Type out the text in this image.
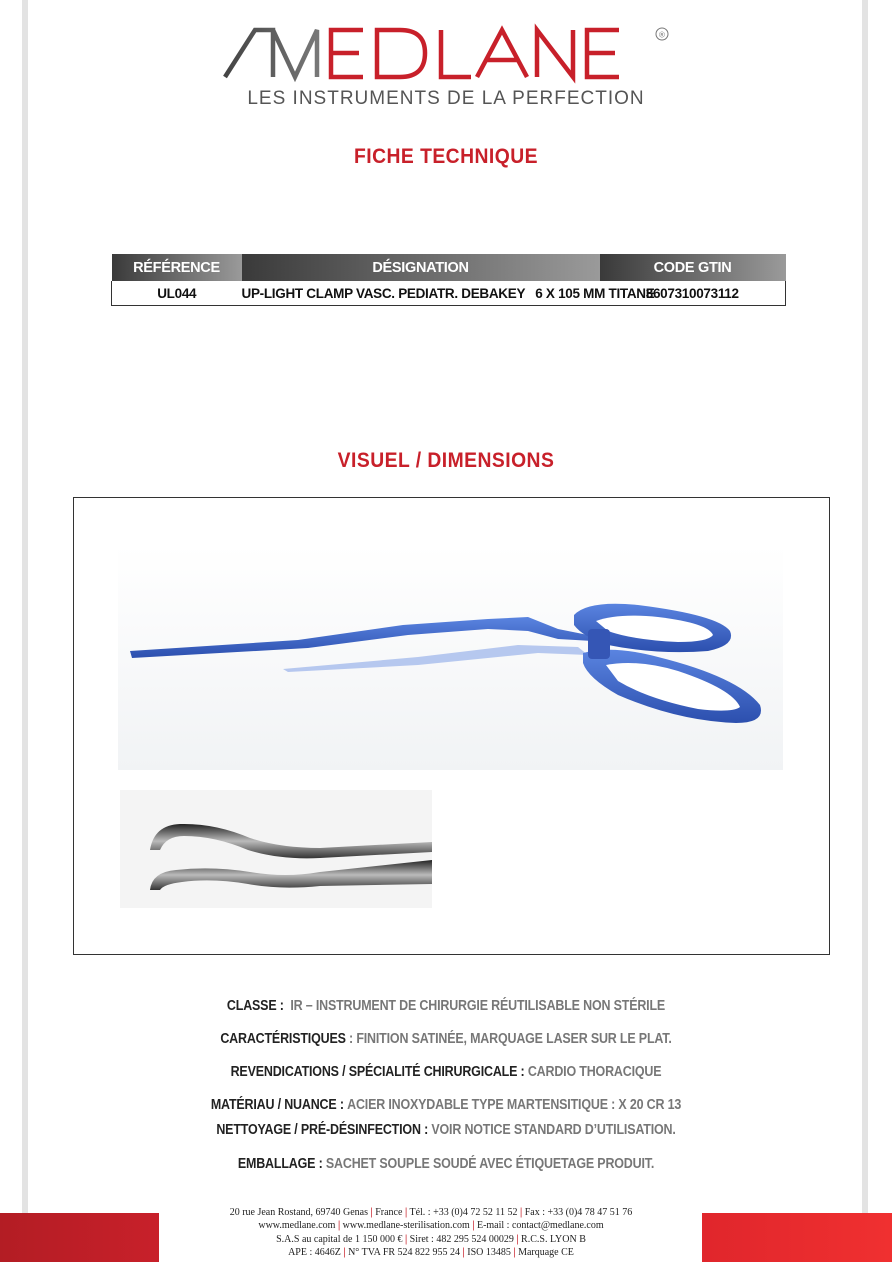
®
LES INSTRUMENTS DE LA PERFECTION
FICHE TECHNIQUE
RÉFÉRENCE	DÉSIGNATION	CODE GTIN
UL044	UP-LIGHT CLAMP VASC. PEDIATR. DEBAKEY   6 X 105 MM TITANE	3607310073112
VISUEL / DIMENSIONS
CLASSE : IR – INSTRUMENT DE CHIRURGIE RÉUTILISABLE NON STÉRILE
CARACTÉRISTIQUES : FINITION SATINÉE, MARQUAGE LASER SUR LE PLAT.
REVENDICATIONS / SPÉCIALITÉ CHIRURGICALE : CARDIO THORACIQUE
MATÉRIAU / NUANCE : ACIER INOXYDABLE TYPE MARTENSITIQUE : X 20 CR 13
NETTOYAGE / PRÉ-DÉSINFECTION : VOIR NOTICE STANDARD D’UTILISATION.
EMBALLAGE : SACHET SOUPLE SOUDÉ AVEC ÉTIQUETAGE PRODUIT.
20 rue Jean Rostand, 69740 Genas | France | Tél. : +33 (0)4 72 52 11 52 | Fax : +33 (0)4 78 47 51 76
www.medlane.com | www.medlane-sterilisation.com | E-mail : contact@medlane.com
S.A.S au capital de 1 150 000 € | Siret : 482 295 524 00029 | R.C.S. LYON B
APE : 4646Z | N° TVA FR 524 822 955 24 | ISO 13485 | Marquage CE
